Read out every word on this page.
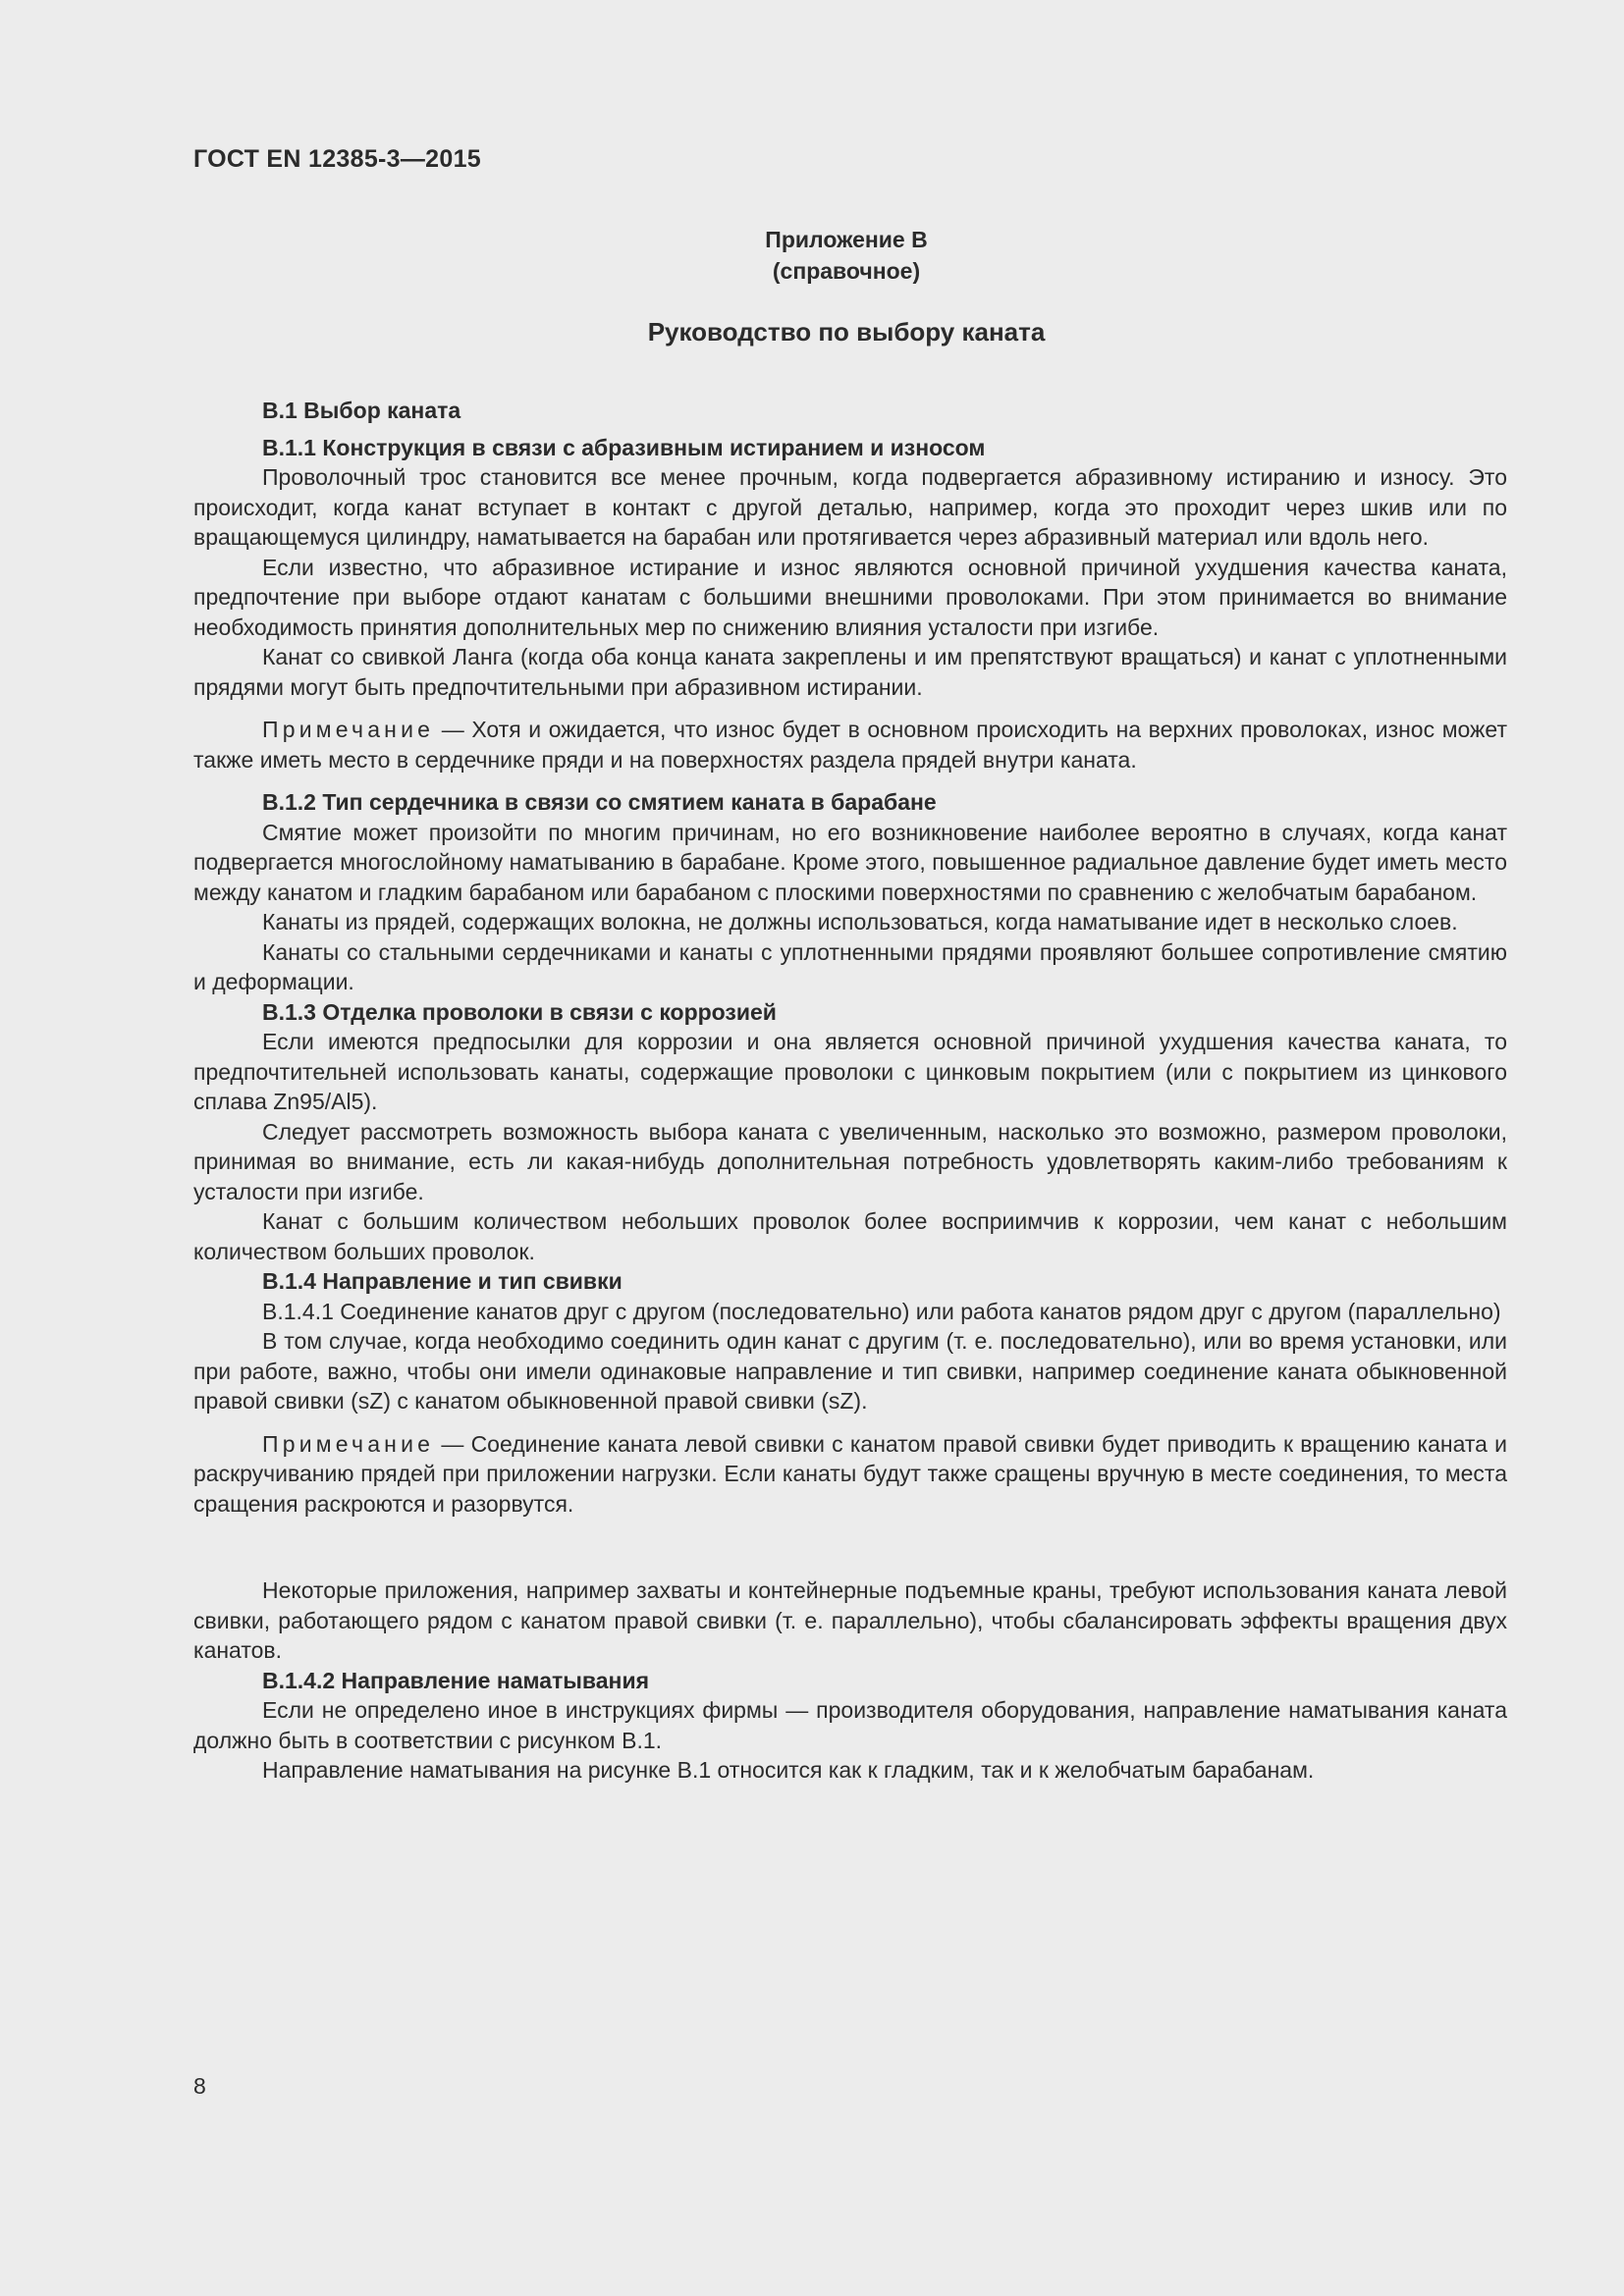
ГОСТ EN 12385-3—2015
Приложение В
(справочное)
Руководство по выбору каната
В.1 Выбор каната
В.1.1 Конструкция в связи с абразивным истиранием и износом

Проволочный трос становится все менее прочным, когда подвергается абразивному истиранию и износу. Это происходит, когда канат вступает в контакт с другой деталью, например, когда это проходит через шкив или по вращающемуся цилиндру, наматывается на барабан или протягивается через абразивный материал или вдоль него.

Если известно, что абразивное истирание и износ являются основной причиной ухудшения качества каната, предпочтение при выборе отдают канатам с большими внешними проволоками. При этом принимается во внимание необходимость принятия дополнительных мер по снижению влияния усталости при изгибе.

Канат со свивкой Ланга (когда оба конца каната закреплены и им препятствуют вращаться) и канат с уплотненными прядями могут быть предпочтительными при абразивном истирании.

Примечание — Хотя и ожидается, что износ будет в основном происходить на верхних проволоках, износ может также иметь место в сердечнике пряди и на поверхностях раздела прядей внутри каната.

В.1.2 Тип сердечника в связи со смятием каната в барабане

Смятие может произойти по многим причинам, но его возникновение наиболее вероятно в случаях, когда канат подвергается многослойному наматыванию в барабане. Кроме этого, повышенное радиальное давление будет иметь место между канатом и гладким барабаном или барабаном с плоскими поверхностями по сравнению с желобчатым барабаном.

Канаты из прядей, содержащих волокна, не должны использоваться, когда наматывание идет в несколько слоев.

Канаты со стальными сердечниками и канаты с уплотненными прядями проявляют большее сопротивление смятию и деформации.

В.1.3 Отделка проволоки в связи с коррозией

Если имеются предпосылки для коррозии и она является основной причиной ухудшения качества каната, то предпочтительней использовать канаты, содержащие проволоки с цинковым покрытием (или с покрытием из цинкового сплава Zn95/Al5).

Следует рассмотреть возможность выбора каната с увеличенным, насколько это возможно, размером проволоки, принимая во внимание, есть ли какая-нибудь дополнительная потребность удовлетворять каким-либо требованиям к усталости при изгибе.

Канат с большим количеством небольших проволок более восприимчив к коррозии, чем канат с небольшим количеством больших проволок.

В.1.4 Направление и тип свивки

В.1.4.1 Соединение канатов друг с другом (последовательно) или работа канатов рядом друг с другом (параллельно)

В том случае, когда необходимо соединить один канат с другим (т. е. последовательно), или во время установки, или при работе, важно, чтобы они имели одинаковые направление и тип свивки, например соединение каната обыкновенной правой свивки (sZ) с канатом обыкновенной правой свивки (sZ).

Примечание — Соединение каната левой свивки с канатом правой свивки будет приводить к вращению каната и раскручиванию прядей при приложении нагрузки. Если канаты будут также сращены вручную в месте соединения, то места сращения раскроются и разорвутся.

Некоторые приложения, например захваты и контейнерные подъемные краны, требуют использования каната левой свивки, работающего рядом с канатом правой свивки (т. е. параллельно), чтобы сбалансировать эффекты вращения двух канатов.

В.1.4.2 Направление наматывания

Если не определено иное в инструкциях фирмы — производителя оборудования, направление наматывания каната должно быть в соответствии с рисунком В.1.

Направление наматывания на рисунке В.1 относится как к гладким, так и к желобчатым барабанам.

8
